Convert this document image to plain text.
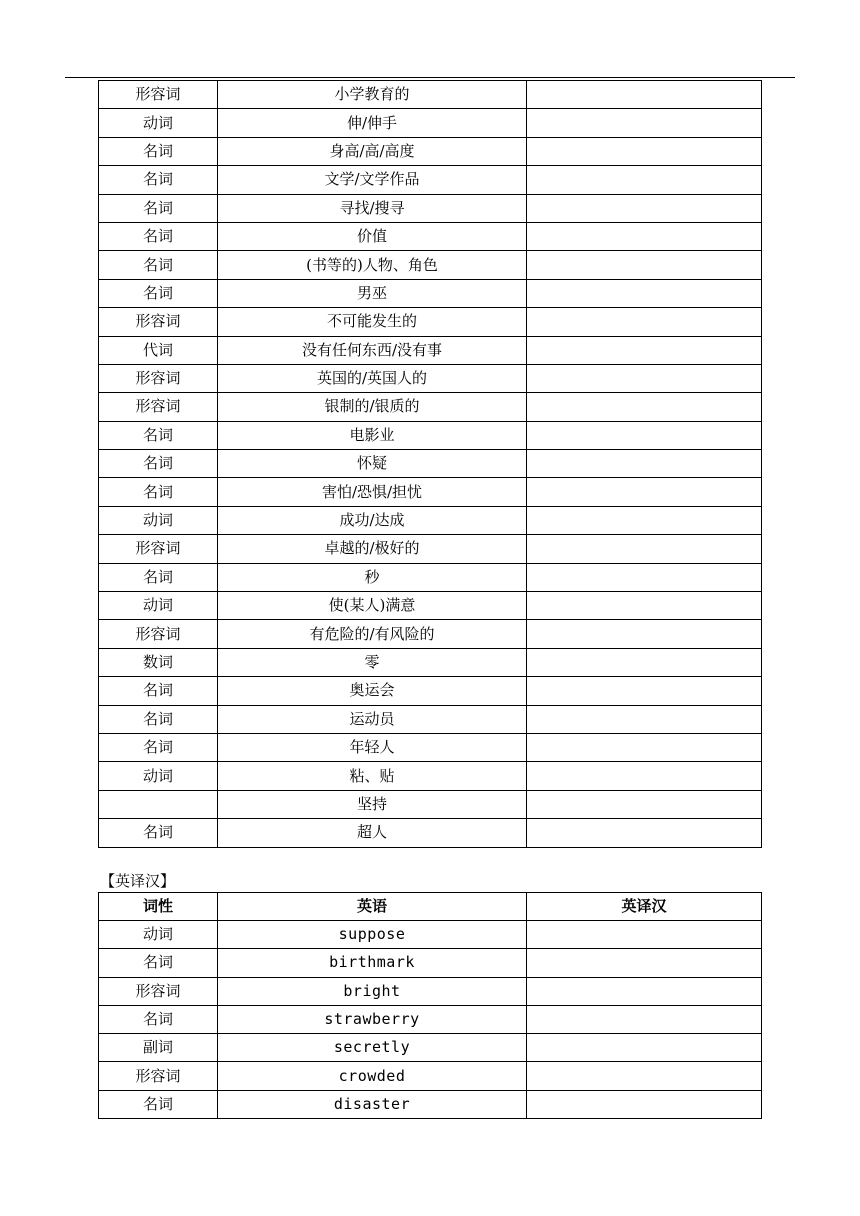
形容词	小学教育的	
动词	伸/伸手	
名词	身高/高/高度	
名词	文学/文学作品	
名词	寻找/搜寻	
名词	价值	
名词	(书等的)人物、角色	
名词	男巫	
形容词	不可能发生的	
代词	没有任何东西/没有事	
形容词	英国的/英国人的	
形容词	银制的/银质的	
名词	电影业	
名词	怀疑	
名词	害怕/恐惧/担忧	
动词	成功/达成	
形容词	卓越的/极好的	
名词	秒	
动词	使(某人)满意	
形容词	有危险的/有风险的	
数词	零	
名词	奥运会	
名词	运动员	
名词	年轻人	
动词	粘、贴	
	坚持	
名词	超人	
【英译汉】
词性	英语	英译汉
动词	suppose	
名词	birthmark	
形容词	bright	
名词	strawberry	
副词	secretly	
形容词	crowded	
名词	disaster	
